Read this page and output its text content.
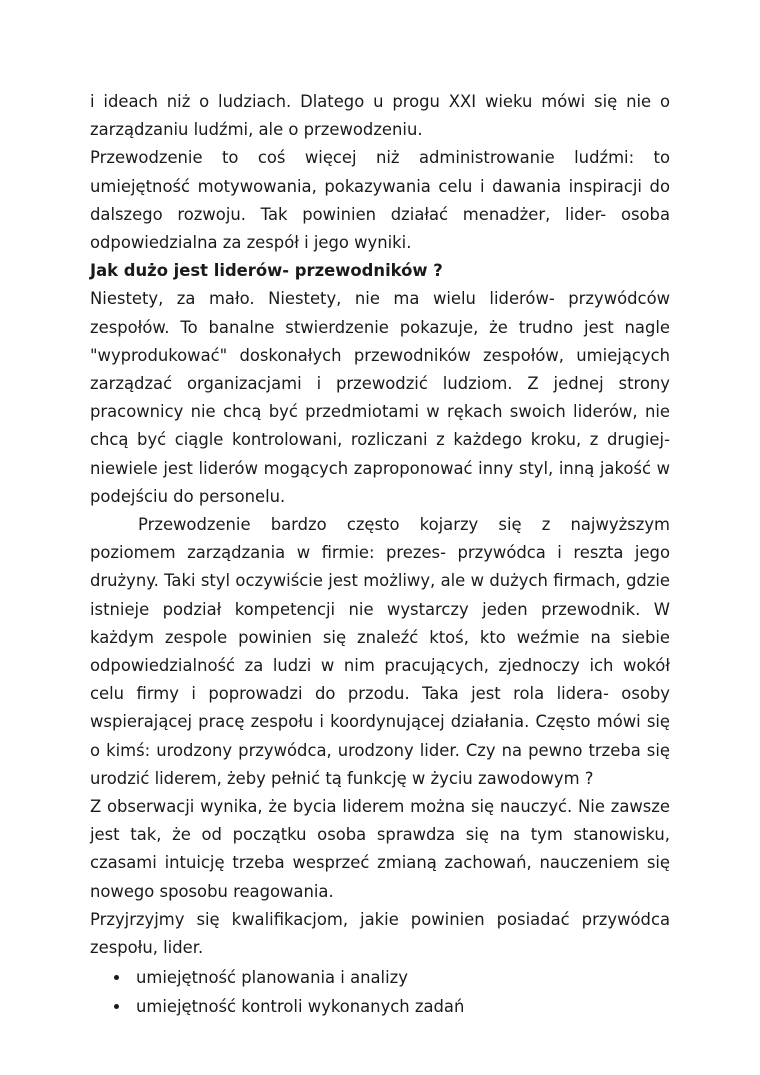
i ideach niż o ludziach. Dlatego u progu XXI wieku mówi się nie o zarządzaniu ludźmi, ale o przewodzeniu.

Przewodzenie to coś więcej niż administrowanie ludźmi: to umiejętność motywowania, pokazywania celu i dawania inspiracji do dalszego rozwoju. Tak powinien działać menadżer, lider- osoba odpowiedzialna za zespół i jego wyniki.

Jak dużo jest liderów- przewodników ?

Niestety, za mało. Niestety, nie ma wielu liderów- przywódców zespołów. To banalne stwierdzenie pokazuje, że trudno jest nagle "wyprodukować" doskonałych przewodników zespołów, umiejących zarządzać organizacjami i przewodzić ludziom. Z jednej strony pracownicy nie chcą być przedmiotami w rękach swoich liderów, nie chcą być ciągle kontrolowani, rozliczani z każdego kroku, z drugiej- niewiele jest liderów mogących zaproponować inny styl, inną jakość w podejściu do personelu.

Przewodzenie bardzo często kojarzy się z najwyższym poziomem zarządzania w firmie: prezes- przywódca i reszta jego drużyny. Taki styl oczywiście jest możliwy, ale w dużych firmach, gdzie istnieje podział kompetencji nie wystarczy jeden przewodnik. W każdym zespole powinien się znaleźć ktoś, kto weźmie na siebie odpowiedzialność za ludzi w nim pracujących, zjednoczy ich wokół celu firmy i poprowadzi do przodu. Taka jest rola lidera- osoby wspierającej pracę zespołu i koordynującej działania. Często mówi się o kimś: urodzony przywódca, urodzony lider. Czy na pewno trzeba się urodzić liderem, żeby pełnić tą funkcję w życiu zawodowym ?

Z obserwacji wynika, że bycia liderem można się nauczyć. Nie zawsze jest tak, że od początku osoba sprawdza się na tym stanowisku, czasami intuicję trzeba wesprzeć zmianą zachowań, nauczeniem się nowego sposobu reagowania.

Przyjrzyjmy się kwalifikacjom, jakie powinien posiadać przywódca zespołu, lider.

umiejętność planowania i analizy
umiejętność kontroli wykonanych zadań
